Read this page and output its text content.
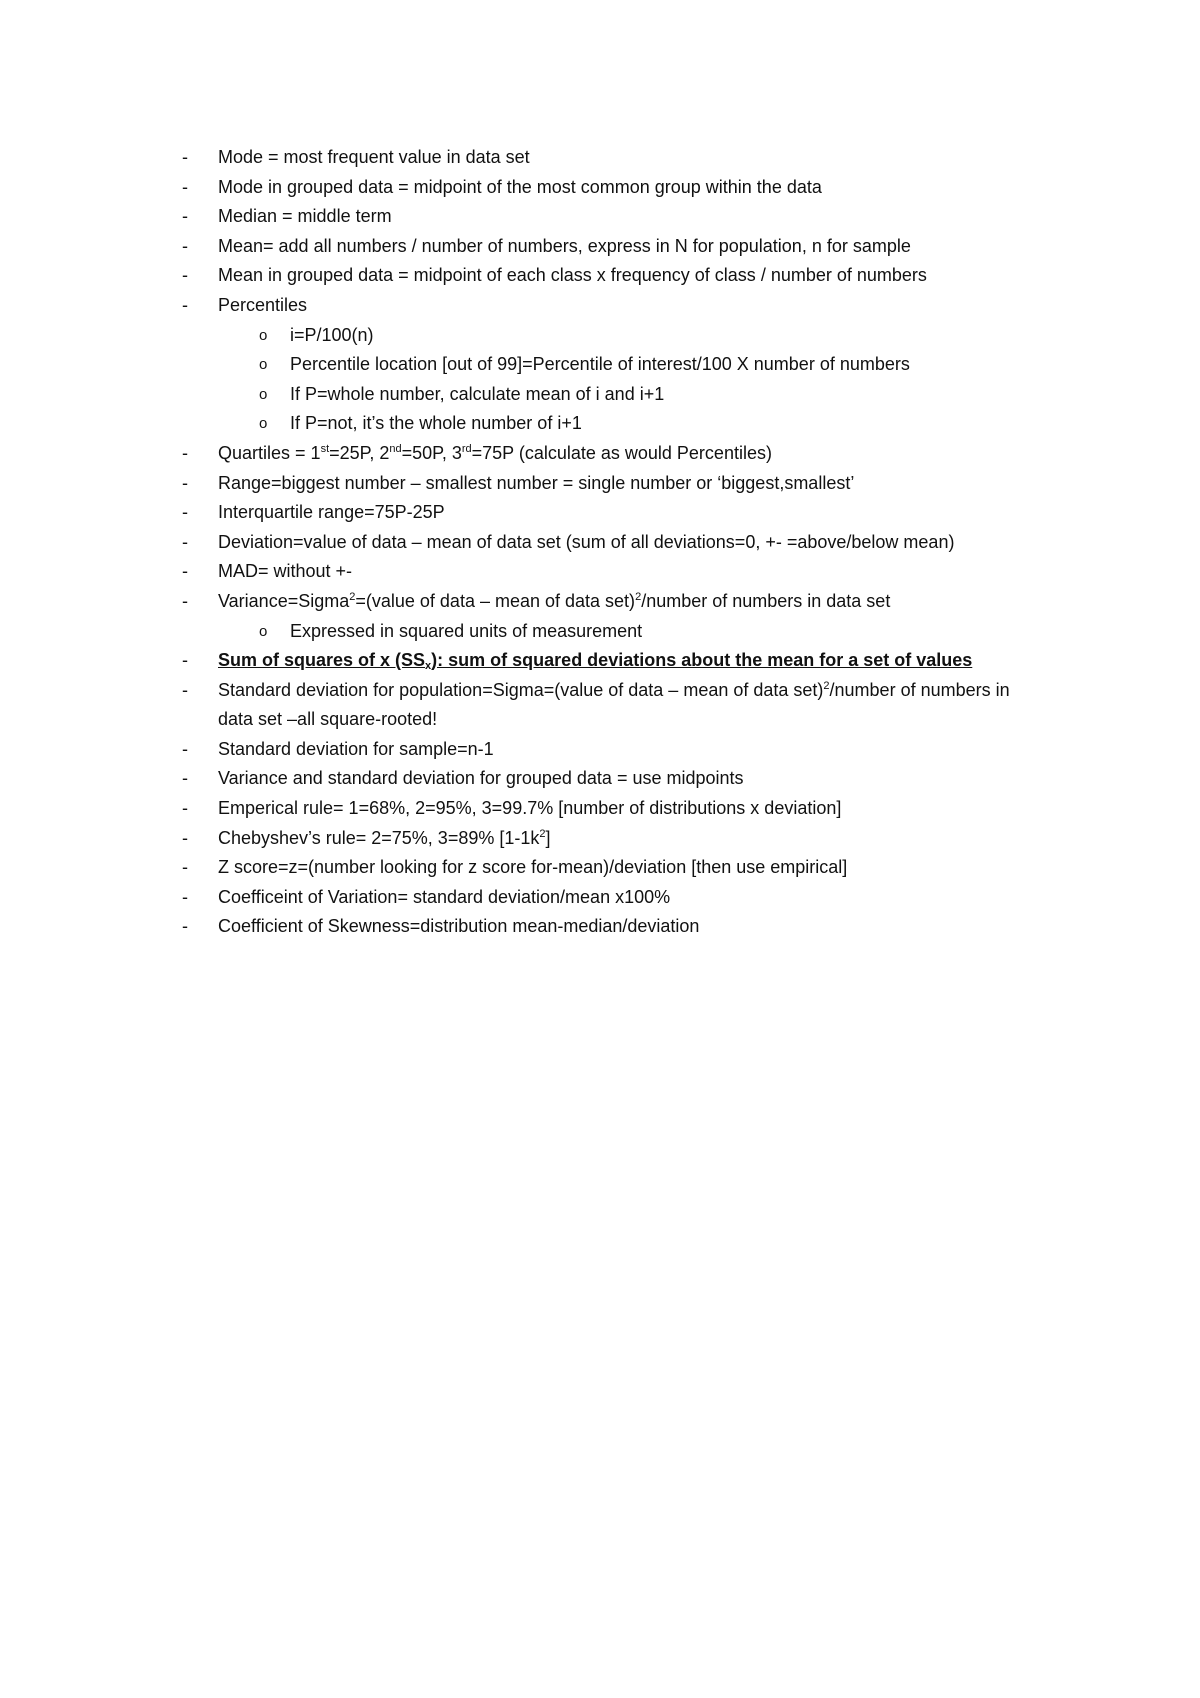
-	Mode = most frequent value in data set
-	Mode in grouped data = midpoint of the most common group within the data
-	Median = middle term
-	Mean= add all numbers / number of numbers, express in N for population, n for sample
-	Mean in grouped data = midpoint of each class x frequency of class / number of numbers
-	Percentiles
o	i=P/100(n)
o	Percentile location [out of 99]=Percentile of interest/100 X number of numbers
o	If P=whole number, calculate mean of i and i+1
o	If P=not, it’s the whole number of i+1
-	Quartiles = 1st=25P, 2nd=50P, 3rd=75P (calculate as would Percentiles)
-	Range=biggest number – smallest number = single number or ‘biggest,smallest’
-	Interquartile range=75P-25P
-	Deviation=value of data – mean of data set (sum of all deviations=0, +- =above/below mean)
-	MAD= without +-
-	Variance=Sigma$^2$=(value of data – mean of data set)$^2$/number of numbers in data set
o	Expressed in squared units of measurement
-	Sum of squares of x $(SS_x)$: sum of squared deviations about the mean for a set of values
-	Standard deviation for population=Sigma=(value of data – mean of data set)$^2$/number of numbers in data set –all square-rooted!
-	Standard deviation for sample=n-1
-	Variance and standard deviation for grouped data = use midpoints
-	Emperical rule= 1=68%, 2=95%, 3=99.7% [number of distributions x deviation]
-	Chebyshev’s rule= 2=75%, 3=89% $[1-1k^2]$
-	Z score=z=(number looking for z score for-mean)/deviation [then use empirical]
-	Coefficeint of Variation= standard deviation/mean x100%
-	Coefficient of Skewness=distribution mean-median/deviation
